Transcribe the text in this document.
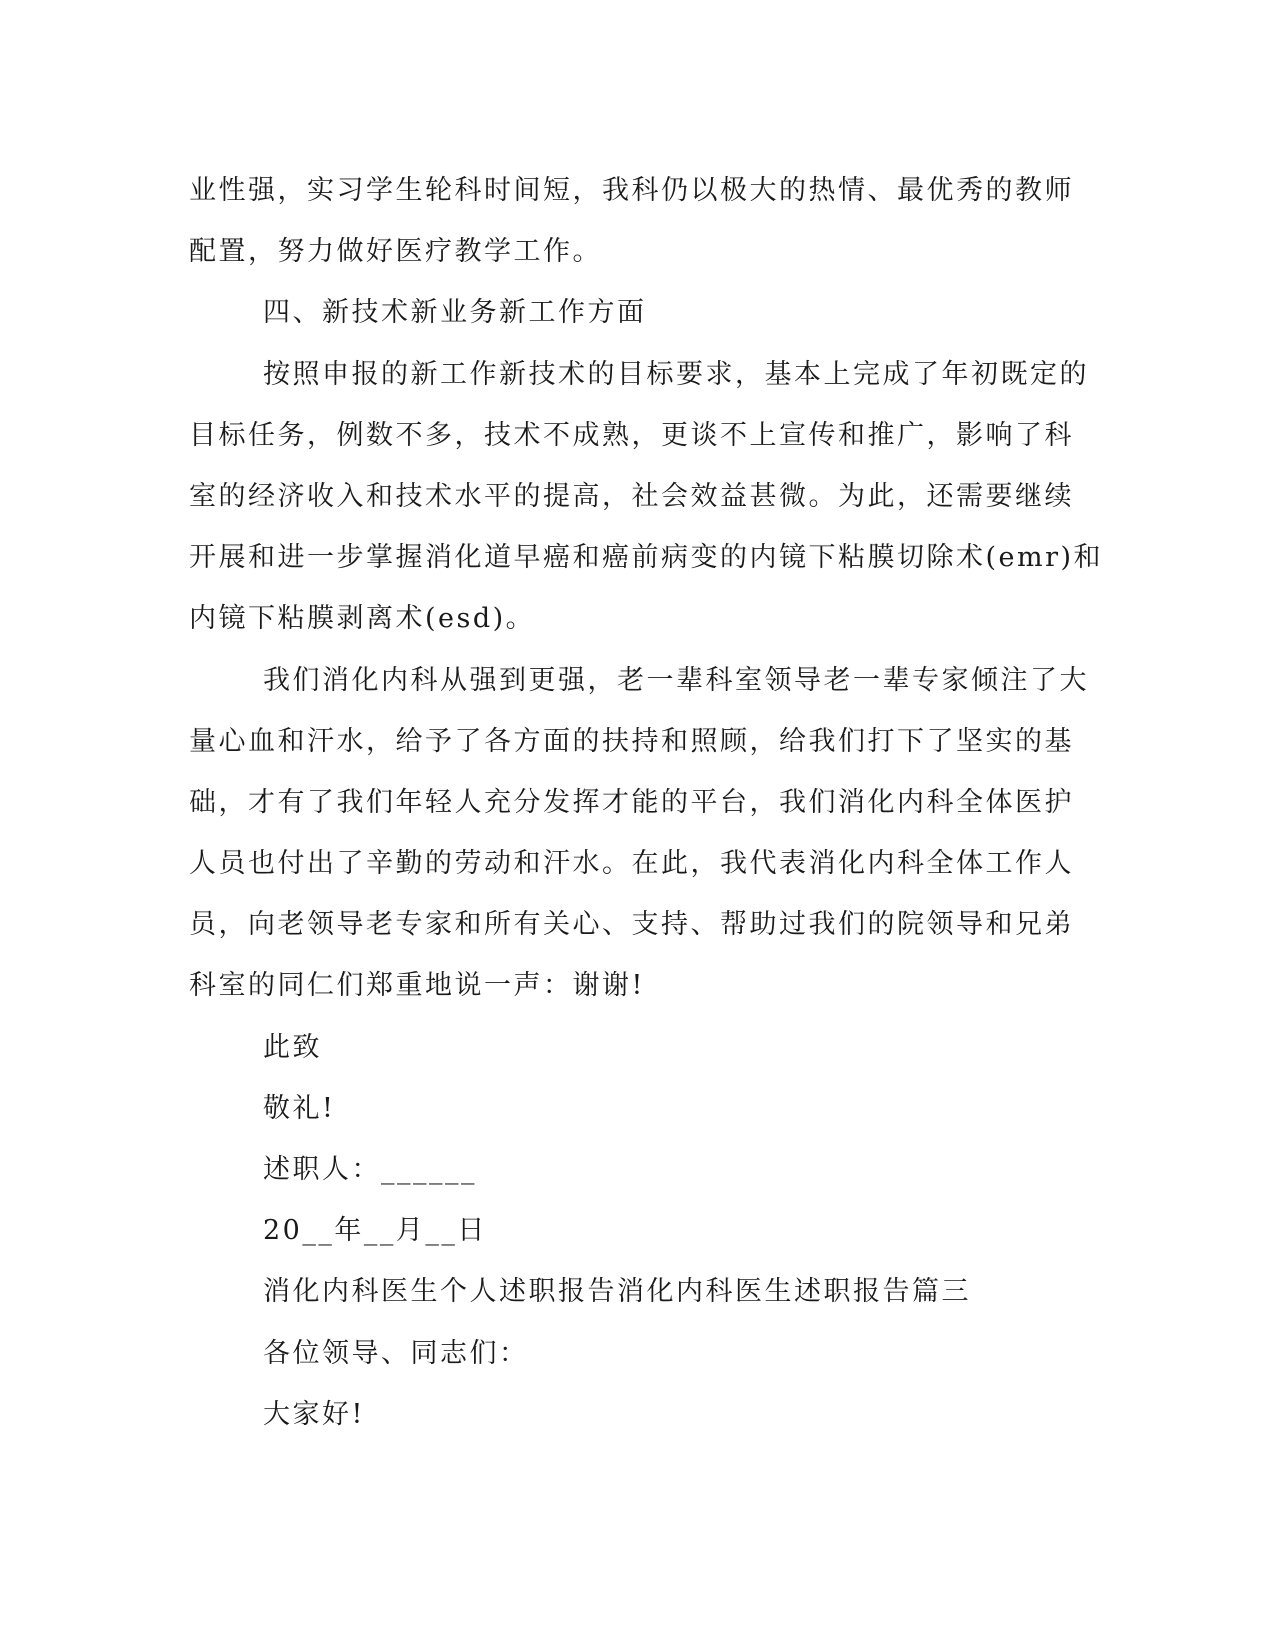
业性强，实习学生轮科时间短，我科仍以极大的热情、最优秀的教师
配置，努力做好医疗教学工作。
四、新技术新业务新工作方面
按照申报的新工作新技术的目标要求，基本上完成了年初既定的
目标任务，例数不多，技术不成熟，更谈不上宣传和推广，影响了科
室的经济收入和技术水平的提高，社会效益甚微。为此，还需要继续
开展和进一步掌握消化道早癌和癌前病变的内镜下粘膜切除术(emr)和
内镜下粘膜剥离术(esd)。
我们消化内科从强到更强，老一辈科室领导老一辈专家倾注了大
量心血和汗水，给予了各方面的扶持和照顾，给我们打下了坚实的基
础，才有了我们年轻人充分发挥才能的平台，我们消化内科全体医护
人员也付出了辛勤的劳动和汗水。在此，我代表消化内科全体工作人
员，向老领导老专家和所有关心、支持、帮助过我们的院领导和兄弟
科室的同仁们郑重地说一声：谢谢!
此致
敬礼!
述职人：______
20__年__月__日
消化内科医生个人述职报告消化内科医生述职报告篇三
各位领导、同志们：
大家好!
